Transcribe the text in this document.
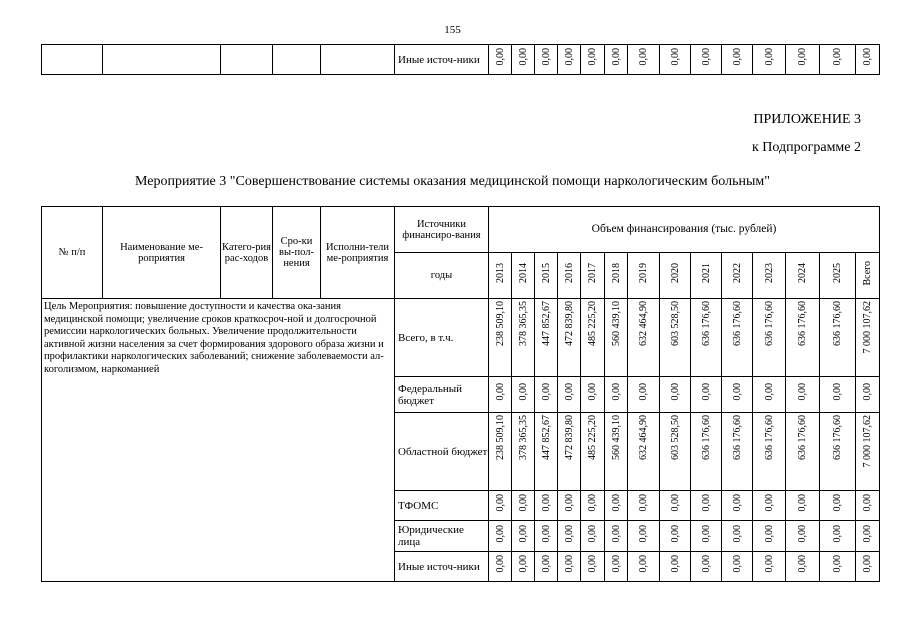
155
					Иные источ-ники	0,00	0,00	0,00	0,00	0,00	0,00	0,00	0,00	0,00	0,00	0,00	0,00	0,00	0,00
ПРИЛОЖЕНИЕ 3
к Подпрограмме 2
Мероприятие 3 "Совершенствование системы оказания медицинской помощи наркологическим больным"
№ п/п	Наименование ме-роприятия	Катего-рия рас-ходов	Сро-ки вы-пол-нения	Исполни-тели ме-роприятия	Источники финансиро-вания	Объем финансирования (тыс. рублей)													
					годы	2013	2014	2015	2016	2017	2018	2019	2020	2021	2022	2023	2024	2025	Всего
Цель Мероприятия: повышение доступности и качества ока-зания медицинской помощи; увеличение сроков краткосроч-ной и долгосрочной ремиссии наркологических больных. Увеличение продолжительности активной жизни населения за счет формирования здорового образа жизни и профилактики наркологических заболеваний; снижение заболеваемости ал-коголизмом, наркоманией					Всего, в т.ч.	238 509,10	378 365,35	447 852,67	472 839,80	485 225,20	560 439,10	632 464,90	603 528,50	636 176,60	636 176,60	636 176,60	636 176,60	636 176,60	7 000 107,62
					Федеральный бюджет	0,00	0,00	0,00	0,00	0,00	0,00	0,00	0,00	0,00	0,00	0,00	0,00	0,00	0,00
					Областной бюджет	238 509,10	378 365,35	447 852,67	472 839,80	485 225,20	560 439,10	632 464,90	603 528,50	636 176,60	636 176,60	636 176,60	636 176,60	636 176,60	7 000 107,62
					ТФОМС	0,00	0,00	0,00	0,00	0,00	0,00	0,00	0,00	0,00	0,00	0,00	0,00	0,00	0,00
					Юридические лица	0,00	0,00	0,00	0,00	0,00	0,00	0,00	0,00	0,00	0,00	0,00	0,00	0,00	0,00
					Иные источ-ники	0,00	0,00	0,00	0,00	0,00	0,00	0,00	0,00	0,00	0,00	0,00	0,00	0,00	0,00
